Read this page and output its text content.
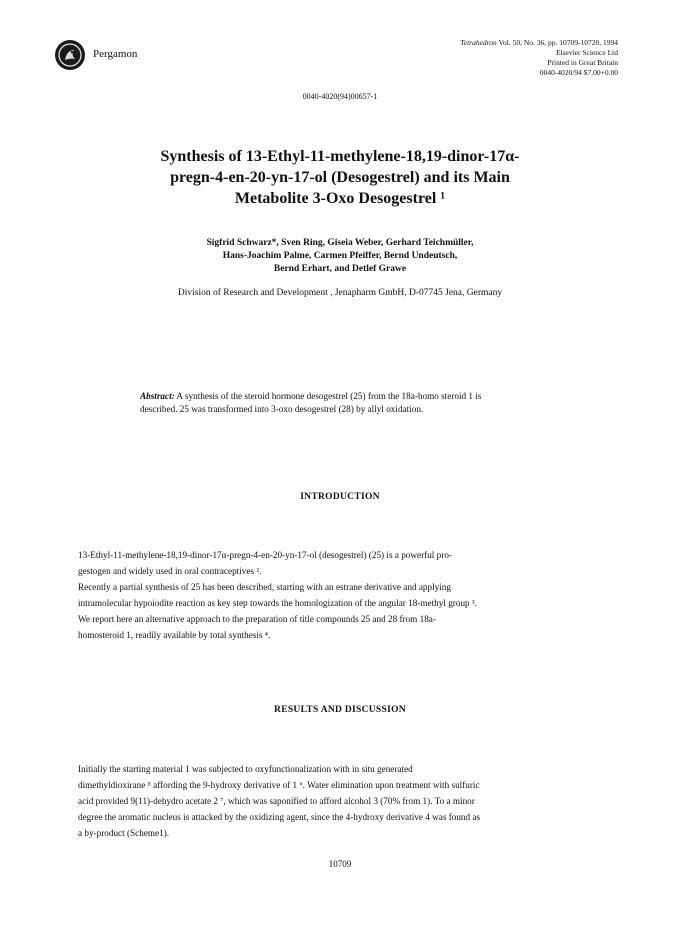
Pergamon
Tetrahedron Vol. 50, No. 36, pp. 10709-10720, 1994
Elsevier Science Ltd
Printed in Great Britain
0040-4020/94 $7.00+0.00
0040-4020(94)00657-1
Synthesis of 13-Ethyl-11-methylene-18,19-dinor-17α-
pregn-4-en-20-yn-17-ol (Desogestrel) and its Main
Metabolite 3-Oxo Desogestrel ¹
Sigfrid Schwarz*, Sven Ring, Giseia Weber, Gerhard Teichmüller,
Hans-Joachim Palme, Carmen Pfeiffer, Bernd Undeutsch,
Bernd Erhart, and Detlef Grawe
Division of Research and Development , Jenapharm GmbH, D-07745 Jena, Germany
Abstract: A synthesis of the steroid hormone desogestrel (25) from the 18a-homo steroid 1 is
described. 25 was transformed into 3-oxo desogestrel (28) by allyl oxidation.
INTRODUCTION
13-Ethyl-11-methylene-18,19-dinor-17α-pregn-4-en-20-yn-17-ol (desogestrel) (25) is a powerful pro-
gestogen and widely used in oral contraceptives ².
Recently a partial synthesis of 25 has been described, starting with an estrane derivative and applying
intramolecular hypoiodite reaction as key step towards the homologization of the angular 18-methyl group ³.
We report here an alternative approach to the preparation of title compounds 25 and 28 from 18a-
homosteroid 1, readily available by total synthesis ⁴.
RESULTS AND DISCUSSION
Initially the starting material 1 was subjected to oxyfunctionalization with in situ generated
dimethyldioxirane ⁵ affording the 9-hydroxy derivative of 1 ⁶. Water elimination upon treatment with sulfuric
acid provided 9(11)-dehydro acetate 2 ⁷, which was saponified to afford alcohol 3 (70% from 1). To a minor
degree the aromatic nucleus is attacked by the oxidizing agent, since the 4-hydroxy derivative 4 was found as
a by-product (Scheme1).
10709
